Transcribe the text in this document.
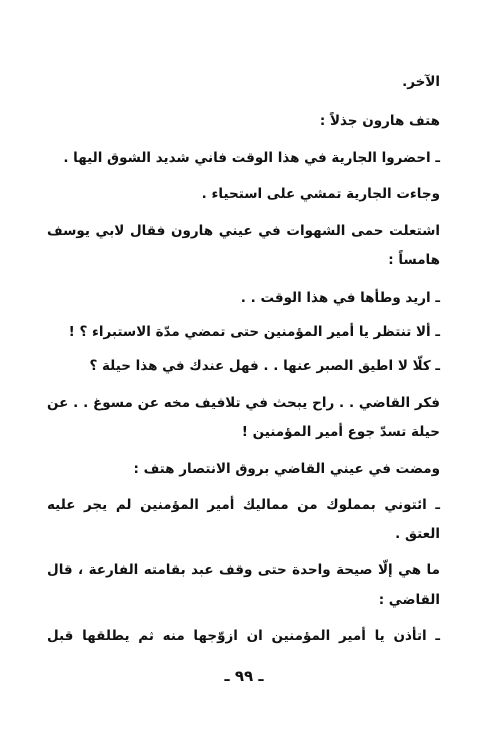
الآخر.
هتف هارون جذلاً :
ـ احضروا الجارية في هذا الوقت فاني شديد الشوق اليها .
وجاءت الجارية تمشي على استحياء .
اشتعلت حمى الشهوات في عيني هارون فقال لابي يوسف
هامساً :
ـ اريد وطأها في هذا الوقت . .
ـ ألا تنتظر يا أمير المؤمنين حتى تمضي مدّة الاستبراء ؟ !
ـ كلّا لا اطيق الصبر عنها . . فهل عندك في هذا حيلة ؟
فكر القاضي . . راح يبحث في تلافيف مخه عن مسوغ . . عن
حيلة تسدّ جوع أمير المؤمنين !
ومضت في عيني القاضي بروق الانتصار هتف :
ـ ائتوني بمملوك من مماليك أمير المؤمنين لم يجر عليه
العتق .
ما هي إلّا صيحة واحدة حتى وقف عبد بقامته الفارعة ، قال
القاضي :
ـ اتأذن يا أمير المؤمنين ان ازوّجها منه ثم يطلقها قبل
ـ ٩٩ ـ
